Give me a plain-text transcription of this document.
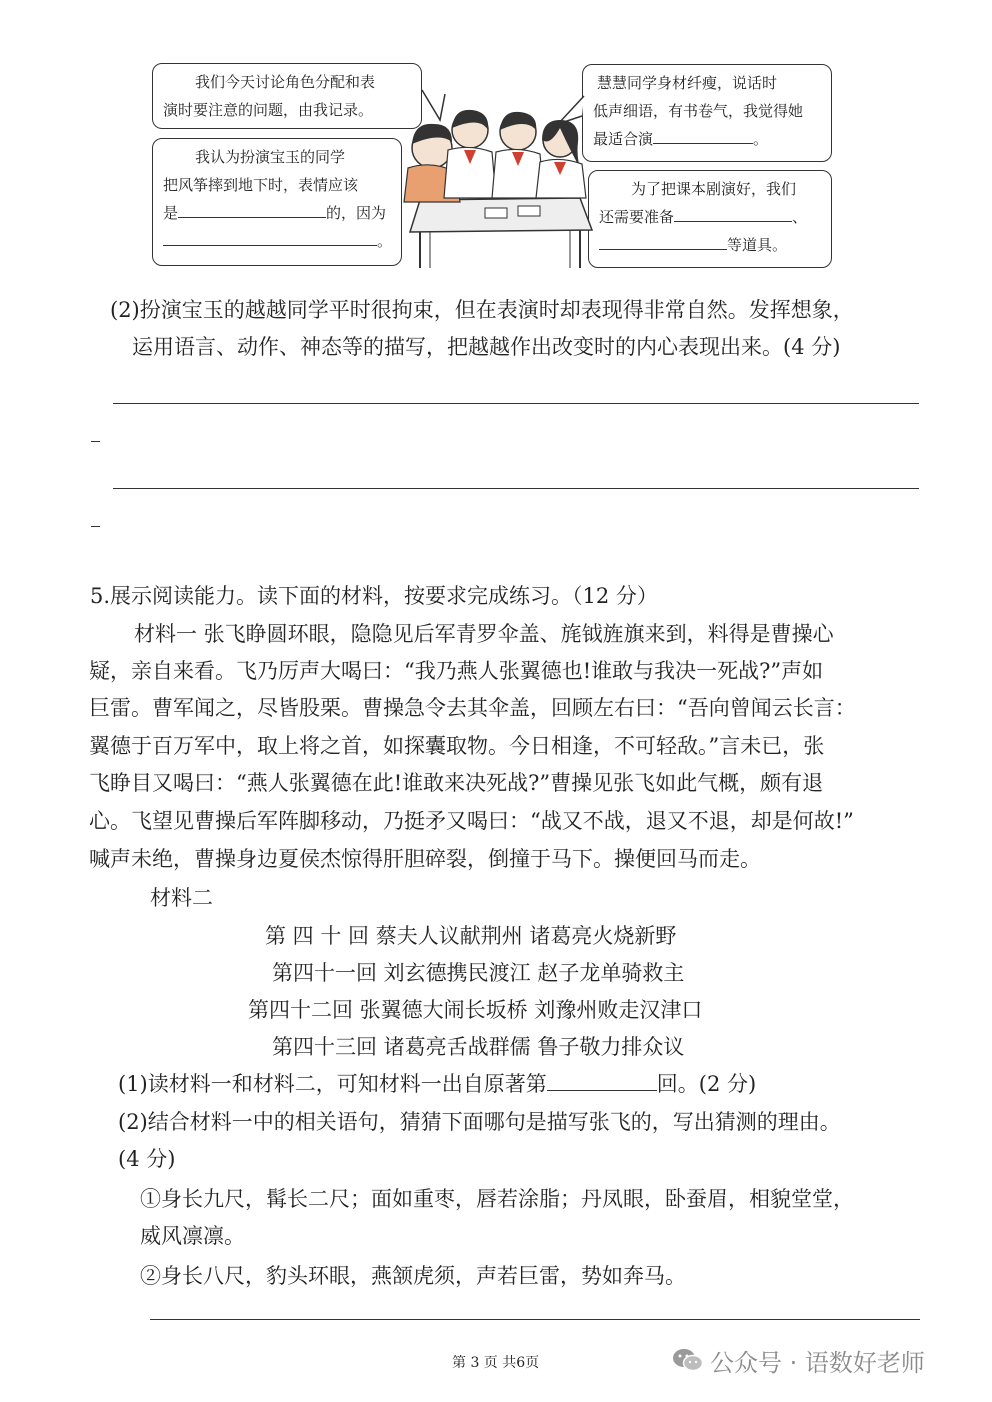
我们今天讨论角色分配和表
演时要注意的问题，由我记录。
我认为扮演宝玉的同学
把风筝摔到地下时，表情应该
是	的，因为
。
慧慧同学身材纤瘦，说话时
低声细语，有书卷气，我觉得她
最适合演	。
为了把课本剧演好，我们
还需要准备	、
等道具。
(2)扮演宝玉的越越同学平时很拘束，但在表演时却表现得非常自然。发挥想象，
运用语言、动作、神态等的描写，把越越作出改变时的内心表现出来。(4 分)
5.展示阅读能力。读下面的材料，按要求完成练习。（12 分）
材料一 张飞睁圆环眼，隐隐见后军青罗伞盖、旄钺旌旗来到，料得是曹操心
疑，亲自来看。飞乃厉声大喝曰：“我乃燕人张翼德也!谁敢与我决一死战?”声如
巨雷。曹军闻之，尽皆股栗。曹操急令去其伞盖，回顾左右曰：“吾向曾闻云长言：
翼德于百万军中，取上将之首，如探囊取物。今日相逢，不可轻敌。”言未已，张
飞睁目又喝曰：“燕人张翼德在此!谁敢来决死战?”曹操见张飞如此气概，颇有退
心。飞望见曹操后军阵脚移动，乃挺矛又喝曰：“战又不战，退又不退，却是何故!”
喊声未绝，曹操身边夏侯杰惊得肝胆碎裂，倒撞于马下。操便回马而走。
材料二
第 四 十 回 蔡夫人议献荆州 诸葛亮火烧新野
第四十一回 刘玄德携民渡江 赵子龙单骑救主
第四十二回 张翼德大闹长坂桥 刘豫州败走汉津口
第四十三回 诸葛亮舌战群儒 鲁子敬力排众议
(1)读材料一和材料二，可知材料一出自原著第	回。(2 分)
(2)结合材料一中的相关语句，猜猜下面哪句是描写张飞的，写出猜测的理由。
(4 分)
①身长九尺，髯长二尺；面如重枣，唇若涂脂；丹凤眼，卧蚕眉，相貌堂堂，
威风凛凛。
②身长八尺，豹头环眼，燕颔虎须，声若巨雷，势如奔马。
第 3 页 共6页	公众号 · 语数好老师
